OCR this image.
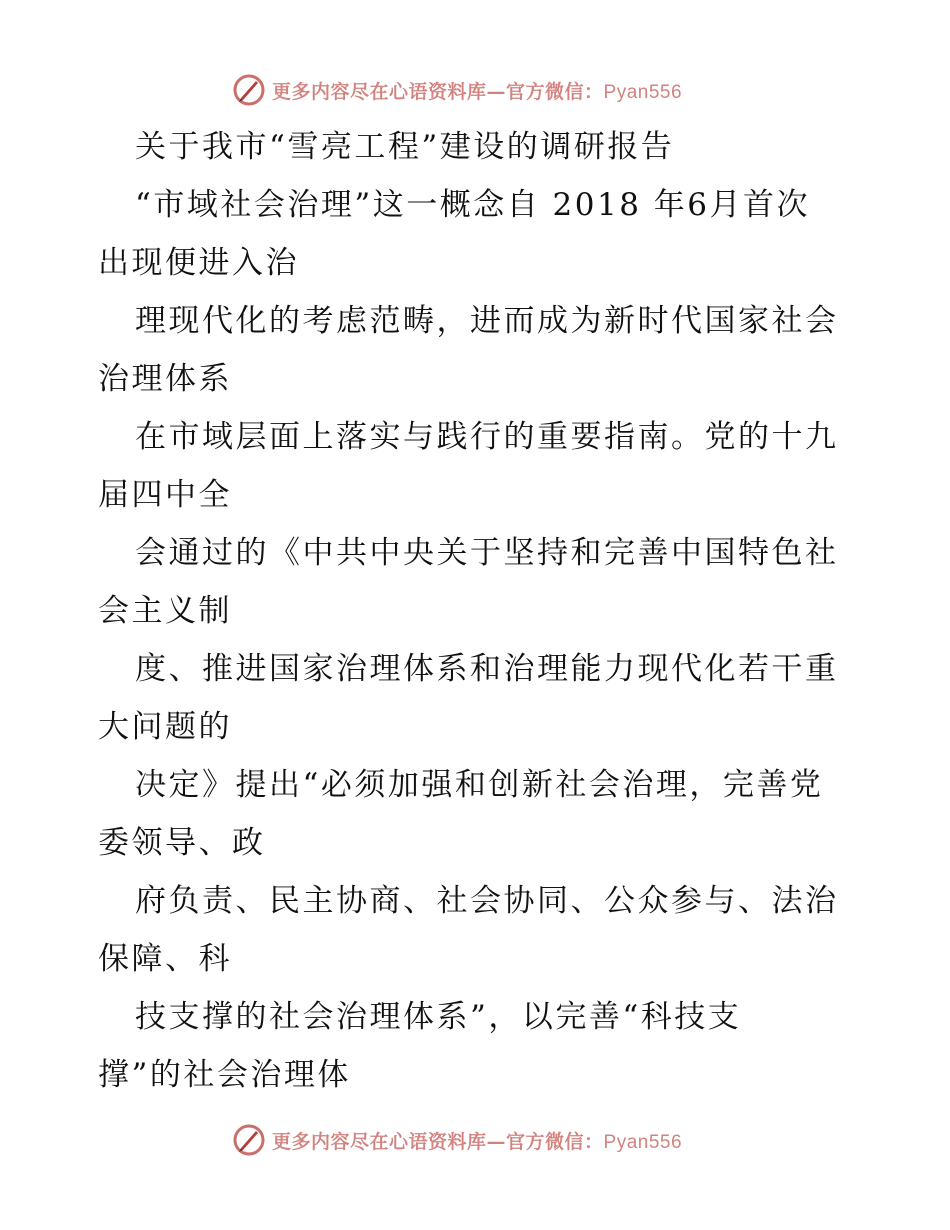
更多内容尽在心语资料库—官方微信：Pyan556
关于我市“雪亮工程”建设的调研报告
“市域社会治理”这一概念自 2018 年6月首次
出现便进入治
理现代化的考虑范畴，进而成为新时代国家社会
治理体系
在市域层面上落实与践行的重要指南。党的十九
届四中全
会通过的《中共中央关于坚持和完善中国特色社
会主义制
度、推进国家治理体系和治理能力现代化若干重
大问题的
决定》提出“必须加强和创新社会治理，完善党
委领导、政
府负责、民主协商、社会协同、公众参与、法治
保障、科
技支撑的社会治理体系”，以完善“科技支
撑”的社会治理体
更多内容尽在心语资料库—官方微信：Pyan556
